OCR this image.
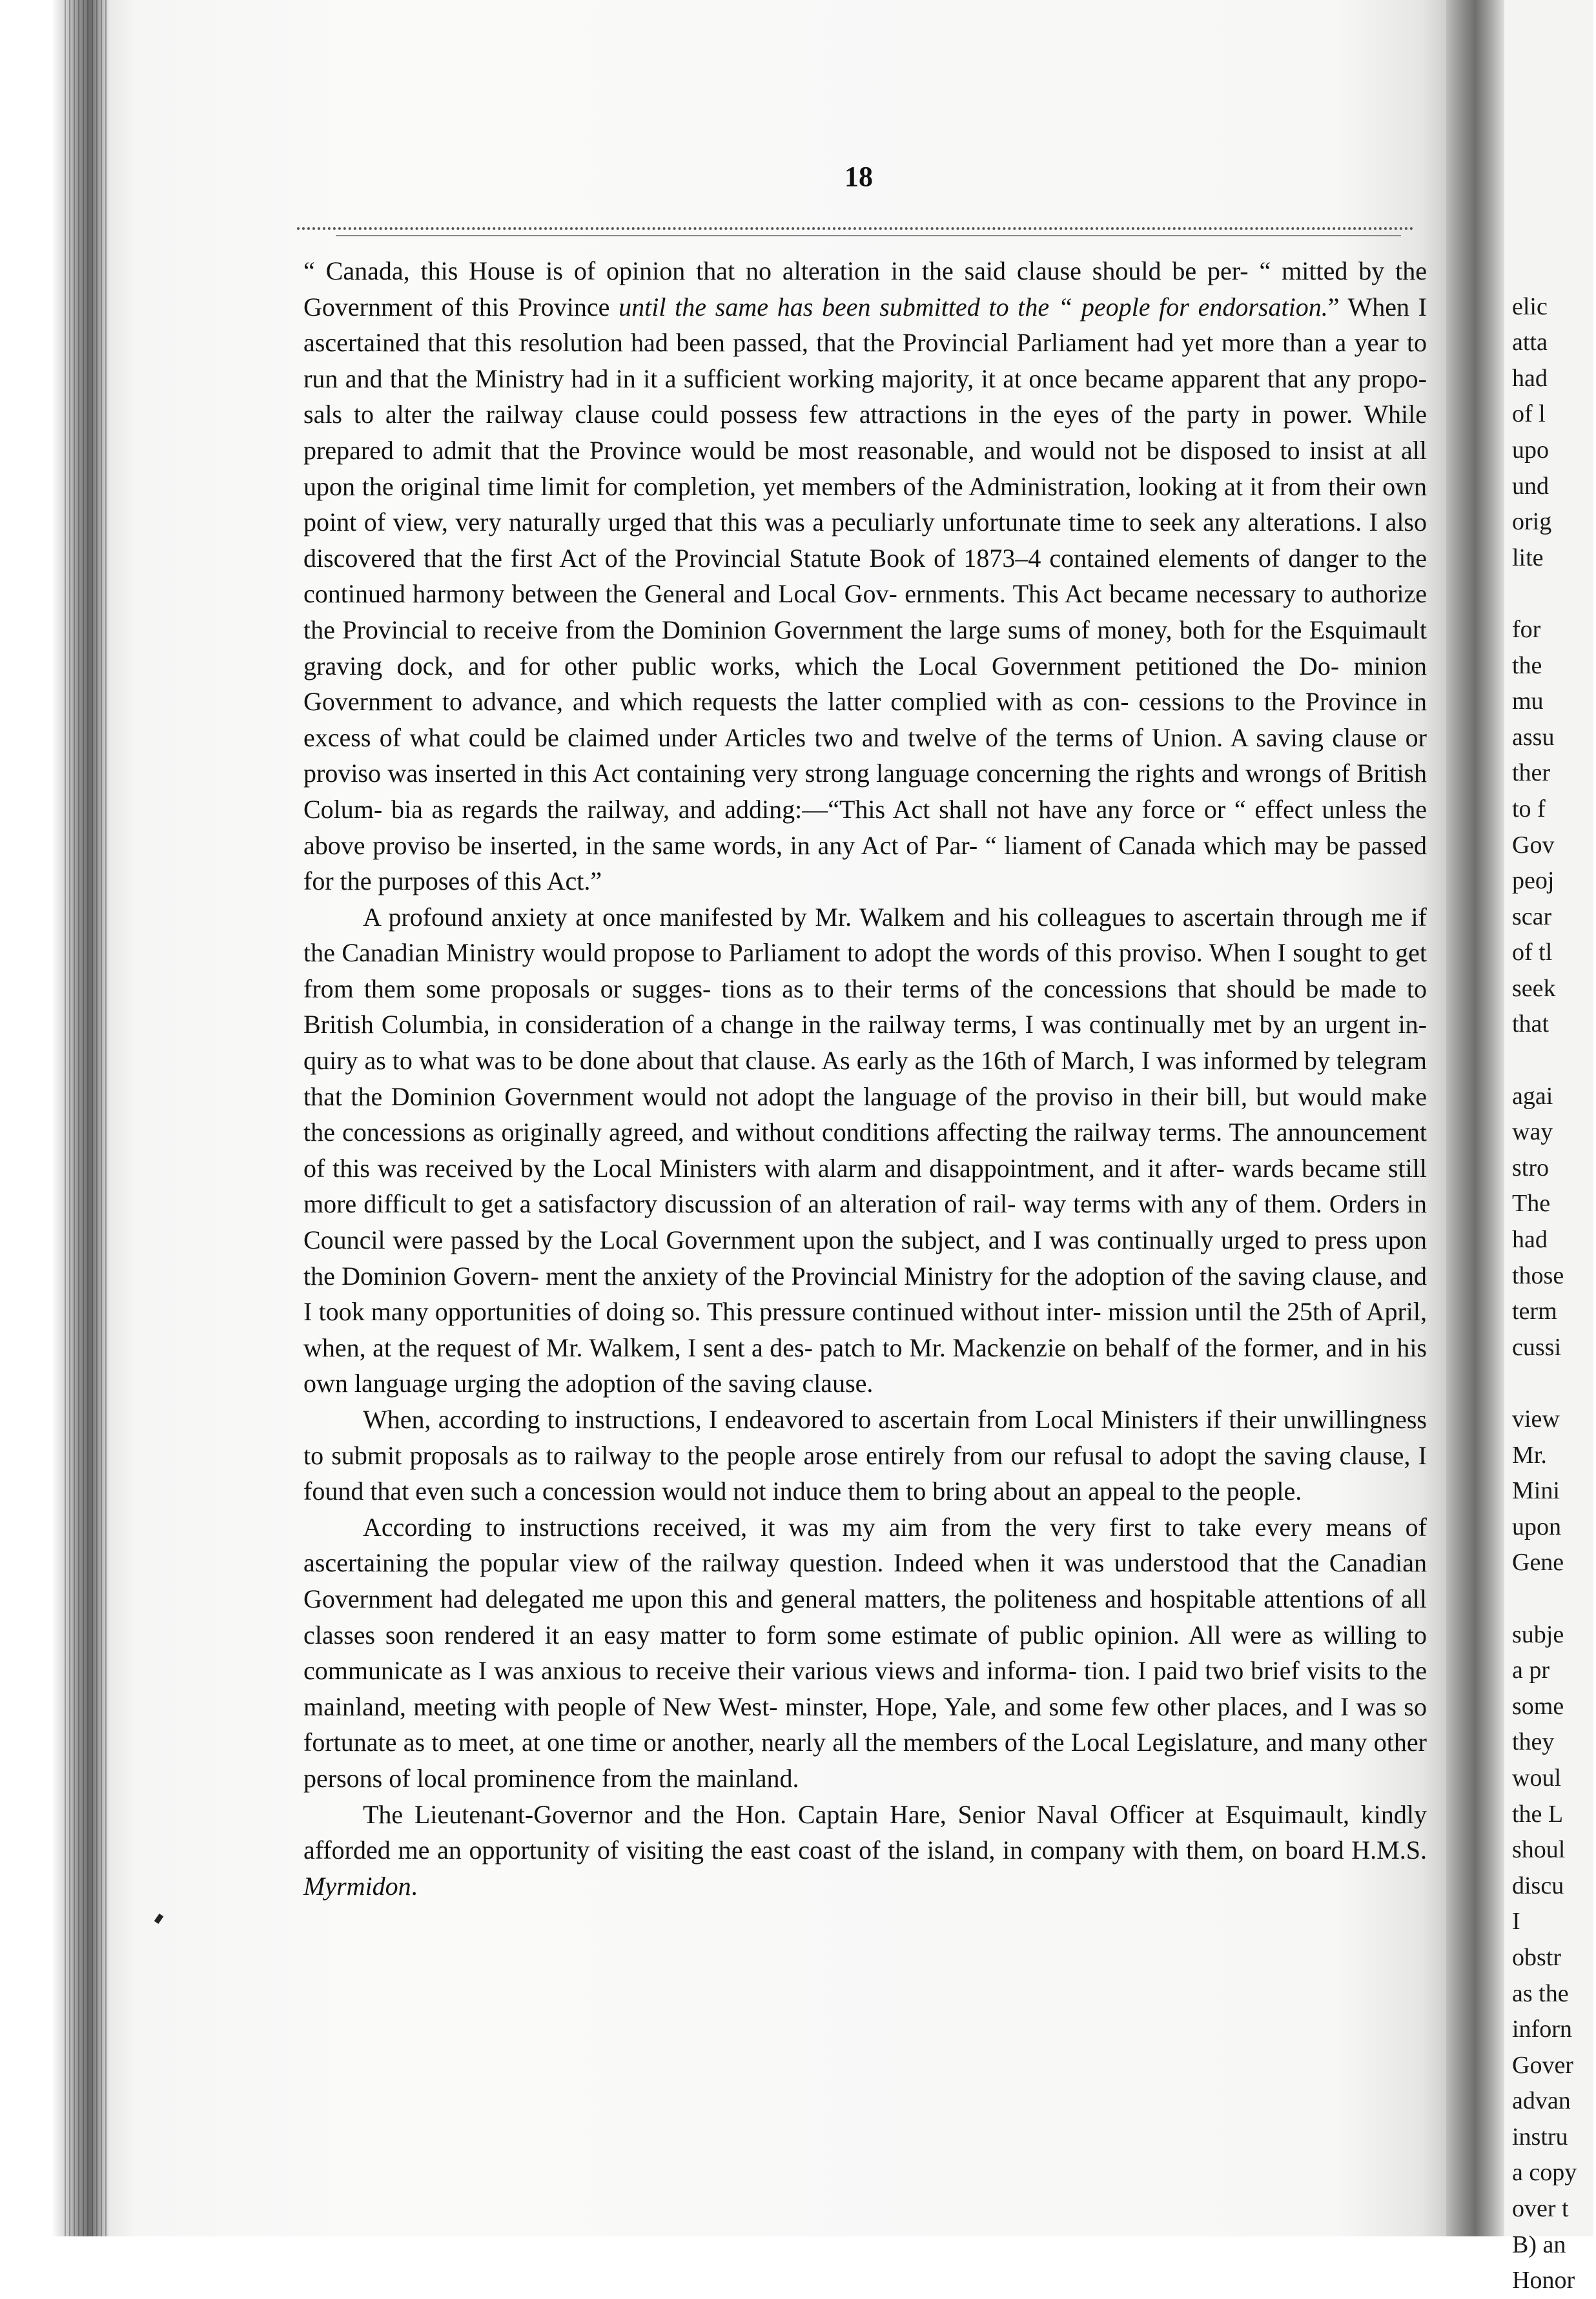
18

“ Canada, this House is of opinion that no alteration in the said clause should be per- “ mitted by the Government of this Province until the same has been submitted to the “ people for endorsation.” When I ascertained that this resolution had been passed, that the Provincial Parliament had yet more than a year to run and that the Ministry had in it a sufficient working majority, it at once became apparent that any propo- sals to alter the railway clause could possess few attractions in the eyes of the party in power. While prepared to admit that the Province would be most reasonable, and would not be disposed to insist at all upon the original time limit for completion, yet members of the Administration, looking at it from their own point of view, very naturally urged that this was a peculiarly unfortunate time to seek any alterations. I also discovered that the first Act of the Provincial Statute Book of 1873–4 contained elements of danger to the continued harmony between the General and Local Gov- ernments. This Act became necessary to authorize the Provincial to receive from the Dominion Government the large sums of money, both for the Esquimault graving dock, and for other public works, which the Local Government petitioned the Do- minion Government to advance, and which requests the latter complied with as con- cessions to the Province in excess of what could be claimed under Articles two and twelve of the terms of Union. A saving clause or proviso was inserted in this Act containing very strong language concerning the rights and wrongs of British Colum- bia as regards the railway, and adding:—“This Act shall not have any force or “ effect unless the above proviso be inserted, in the same words, in any Act of Par- “ liament of Canada which may be passed for the purposes of this Act.”

A profound anxiety at once manifested by Mr. Walkem and his colleagues to ascertain through me if the Canadian Ministry would propose to Parliament to adopt the words of this proviso. When I sought to get from them some proposals or sugges- tions as to their terms of the concessions that should be made to British Columbia, in consideration of a change in the railway terms, I was continually met by an urgent in- quiry as to what was to be done about that clause. As early as the 16th of March, I was informed by telegram that the Dominion Government would not adopt the language of the proviso in their bill, but would make the concessions as originally agreed, and without conditions affecting the railway terms. The announcement of this was received by the Local Ministers with alarm and disappointment, and it after- wards became still more difficult to get a satisfactory discussion of an alteration of rail- way terms with any of them. Orders in Council were passed by the Local Government upon the subject, and I was continually urged to press upon the Dominion Govern- ment the anxiety of the Provincial Ministry for the adoption of the saving clause, and I took many opportunities of doing so. This pressure continued without inter- mission until the 25th of April, when, at the request of Mr. Walkem, I sent a des- patch to Mr. Mackenzie on behalf of the former, and in his own language urging the adoption of the saving clause.

When, according to instructions, I endeavored to ascertain from Local Ministers if their unwillingness to submit proposals as to railway to the people arose entirely from our refusal to adopt the saving clause, I found that even such a concession would not induce them to bring about an appeal to the people.

According to instructions received, it was my aim from the very first to take every means of ascertaining the popular view of the railway question. Indeed when it was understood that the Canadian Government had delegated me upon this and general matters, the politeness and hospitable attentions of all classes soon rendered it an easy matter to form some estimate of public opinion. All were as willing to communicate as I was anxious to receive their various views and informa- tion. I paid two brief visits to the mainland, meeting with people of New West- minster, Hope, Yale, and some few other places, and I was so fortunate as to meet, at one time or another, nearly all the members of the Local Legislature, and many other persons of local prominence from the mainland.

The Lieutenant-Governor and the Hon. Captain Hare, Senior Naval Officer at Esquimault, kindly afforded me an opportunity of visiting the east coast of the island, in company with them, on board H.M.S. Myrmidon.

elic
atta
had
of l
upo
und
orig
lite
for
the
mu
assu
ther
to f
Gov
peoj
scar
of tl
seek
that
agai
way
stro
The
had
those
term
cussi
view
Mr.
Mini
upon
Gene
subje
a pr
some
they
woul
the L
shoul
discu
I
obstr
as the
inforn
Gover
advan
instru
a copy
over t
B) an
Honor
